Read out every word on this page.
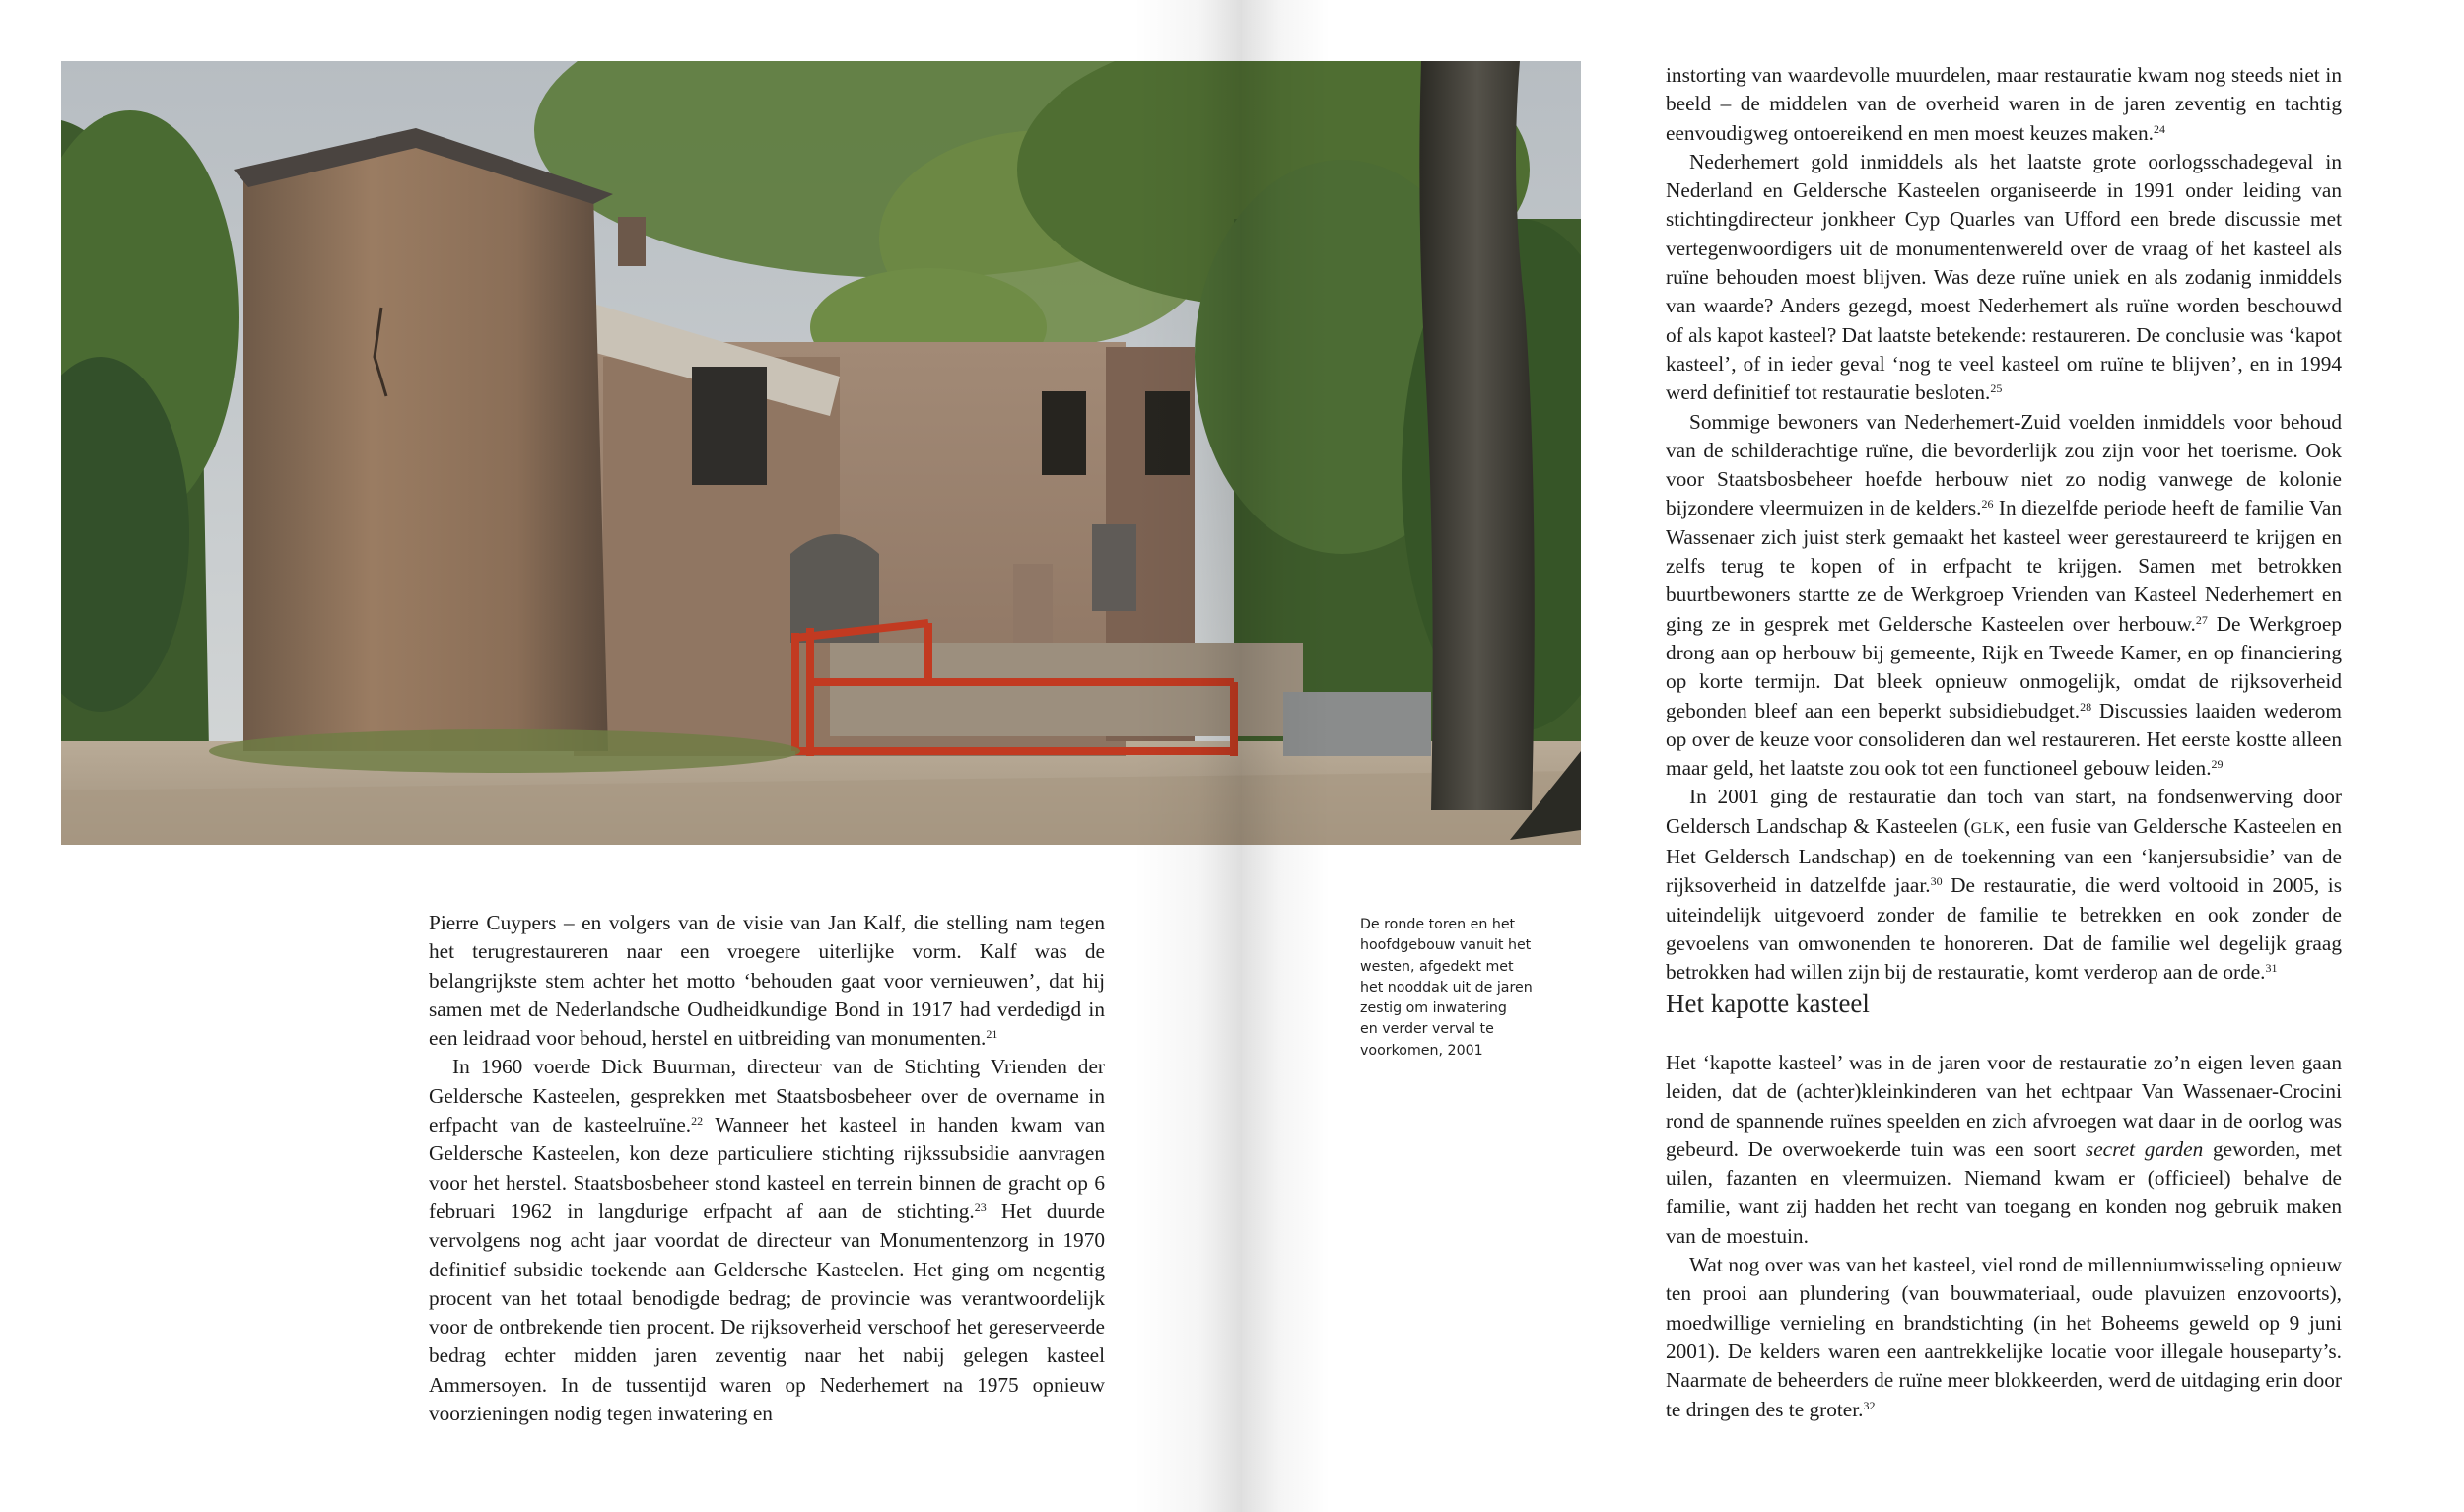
De ronde toren en het
hoofdgebouw vanuit het
westen, afgedekt met
het nooddak uit de jaren
zestig om inwatering
en verder verval te
voorkomen, 2001

Pierre Cuypers – en volgers van de visie van Jan Kalf, die stelling nam tegen het terugrestaureren naar een vroegere uiterlijke vorm. Kalf was de belangrijkste stem achter het motto ‘behouden gaat voor vernieuwen’, dat hij samen met de Nederlandsche Oudheidkundige Bond in 1917 had verdedigd in een leidraad voor behoud, herstel en uitbreiding van monumenten.$^{21}$

In 1960 voerde Dick Buurman, directeur van de Stichting Vrienden der Geldersche Kasteelen, gesprekken met Staatsbosbeheer over de overname in erfpacht van de kasteelruïne.$^{22}$ Wanneer het kasteel in handen kwam van Geldersche Kasteelen, kon deze particuliere stichting rijkssubsidie aanvragen voor het herstel. Staatsbosbeheer stond kasteel en terrein binnen de gracht op 6 februari 1962 in langdurige erfpacht af aan de stichting.$^{23}$ Het duurde vervolgens nog acht jaar voordat de directeur van Monumentenzorg in 1970 definitief subsidie toekende aan Geldersche Kasteelen. Het ging om negentig procent van het totaal benodigde bedrag; de provincie was verantwoordelijk voor de ontbrekende tien procent. De rijksoverheid verschoof het gereserveerde bedrag echter midden jaren zeventig naar het nabij gelegen kasteel Ammersoyen. In de tussentijd waren op Nederhemert na 1975 opnieuw voorzieningen nodig tegen inwatering en

instorting van waardevolle muurdelen, maar restauratie kwam nog steeds niet in beeld – de middelen van de overheid waren in de jaren zeventig en tachtig eenvoudigweg ontoereikend en men moest keuzes maken.$^{24}$

Nederhemert gold inmiddels als het laatste grote oorlogsschadegeval in Nederland en Geldersche Kasteelen organiseerde in 1991 onder leiding van stichtingdirecteur jonkheer Cyp Quarles van Ufford een brede discussie met vertegenwoordigers uit de monumentenwereld over de vraag of het kasteel als ruïne behouden moest blijven. Was deze ruïne uniek en als zodanig inmiddels van waarde? Anders gezegd, moest Nederhemert als ruïne worden beschouwd of als kapot kasteel? Dat laatste betekende: restaureren. De conclusie was ‘kapot kasteel’, of in ieder geval ‘nog te veel kasteel om ruïne te blijven’, en in 1994 werd definitief tot restauratie besloten.$^{25}$

Sommige bewoners van Nederhemert-Zuid voelden inmiddels voor behoud van de schilderachtige ruïne, die bevorderlijk zou zijn voor het toerisme. Ook voor Staatsbosbeheer hoefde herbouw niet zo nodig vanwege de kolonie bijzondere vleermuizen in de kelders.$^{26}$ In diezelfde periode heeft de familie Van Wassenaer zich juist sterk gemaakt het kasteel weer gerestaureerd te krijgen en zelfs terug te kopen of in erfpacht te krijgen. Samen met betrokken buurtbewoners startte ze de Werkgroep Vrienden van Kasteel Nederhemert en ging ze in gesprek met Geldersche Kasteelen over herbouw.$^{27}$ De Werkgroep drong aan op herbouw bij gemeente, Rijk en Tweede Kamer, en op financiering op korte termijn. Dat bleek opnieuw onmogelijk, omdat de rijksoverheid gebonden bleef aan een beperkt subsidiebudget.$^{28}$ Discussies laaiden wederom op over de keuze voor consolideren dan wel restaureren. Het eerste kostte alleen maar geld, het laatste zou ook tot een functioneel gebouw leiden.$^{29}$

In 2001 ging de restauratie dan toch van start, na fondsenwerving door Geldersch Landschap & Kasteelen (GLK, een fusie van Geldersche Kasteelen en Het Geldersch Landschap) en de toekenning van een ‘kanjersubsidie’ van de rijksoverheid in datzelfde jaar.$^{30}$ De restauratie, die werd voltooid in 2005, is uiteindelijk uitgevoerd zonder de familie te betrekken en ook zonder de gevoelens van omwonenden te honoreren. Dat de familie wel degelijk graag betrokken had willen zijn bij de restauratie, komt verderop aan de orde.$^{31}$

Het kapotte kasteel

Het ‘kapotte kasteel’ was in de jaren voor de restauratie zo’n eigen leven gaan leiden, dat de (achter)kleinkinderen van het echtpaar Van Wassenaer-Crocini rond de spannende ruïnes speelden en zich afvroegen wat daar in de oorlog was gebeurd. De overwoekerde tuin was een soort secret garden geworden, met uilen, fazanten en vleermuizen. Niemand kwam er (officieel) behalve de familie, want zij hadden het recht van toegang en konden nog gebruik maken van de moestuin.

Wat nog over was van het kasteel, viel rond de millenniumwisseling opnieuw ten prooi aan plundering (van bouwmateriaal, oude plavuizen enzovoorts), moedwillige vernieling en brandstichting (in het Boheems geweld op 9 juni 2001). De kelders waren een aantrekkelijke locatie voor illegale houseparty’s. Naarmate de beheerders de ruïne meer blokkeerden, werd de uitdaging erin door te dringen des te groter.$^{32}$
